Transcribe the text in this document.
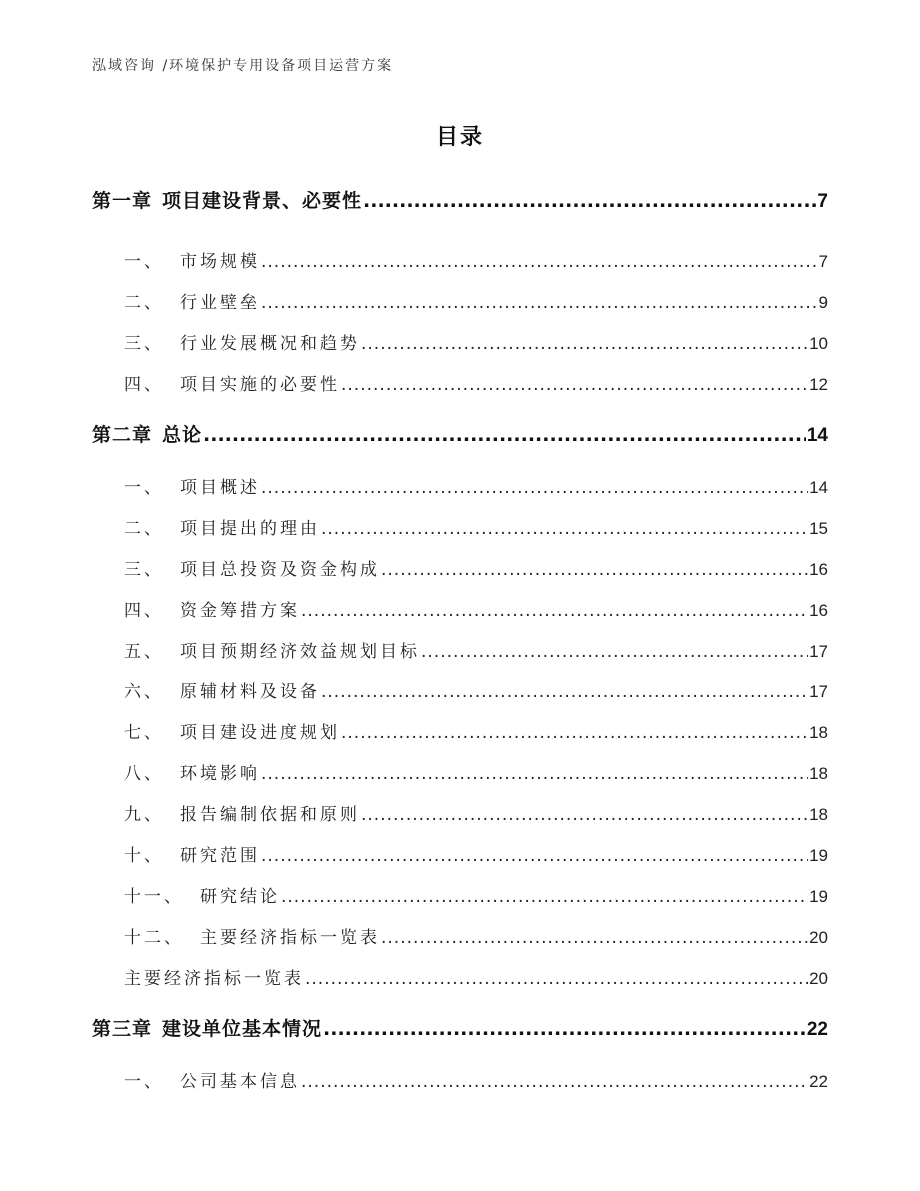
泓域咨询 /环境保护专用设备项目运营方案
目录
第一章 项目建设背景、必要性 .....	7
一、 市场规模 .....	7
二、 行业壁垒 .....	9
三、 行业发展概况和趋势 .....	10
四、 项目实施的必要性 .....	12
第二章 总论 .....	14
一、 项目概述 .....	14
二、 项目提出的理由 .....	15
三、 项目总投资及资金构成 .....	16
四、 资金筹措方案 .....	16
五、 项目预期经济效益规划目标 .....	17
六、 原辅材料及设备 .....	17
七、 项目建设进度规划 .....	18
八、 环境影响 .....	18
九、 报告编制依据和原则 .....	18
十、 研究范围 .....	19
十一、 研究结论 .....	19
十二、 主要经济指标一览表 .....	20
主要经济指标一览表 .....	20
第三章 建设单位基本情况 .....	22
一、 公司基本信息 .....	22
